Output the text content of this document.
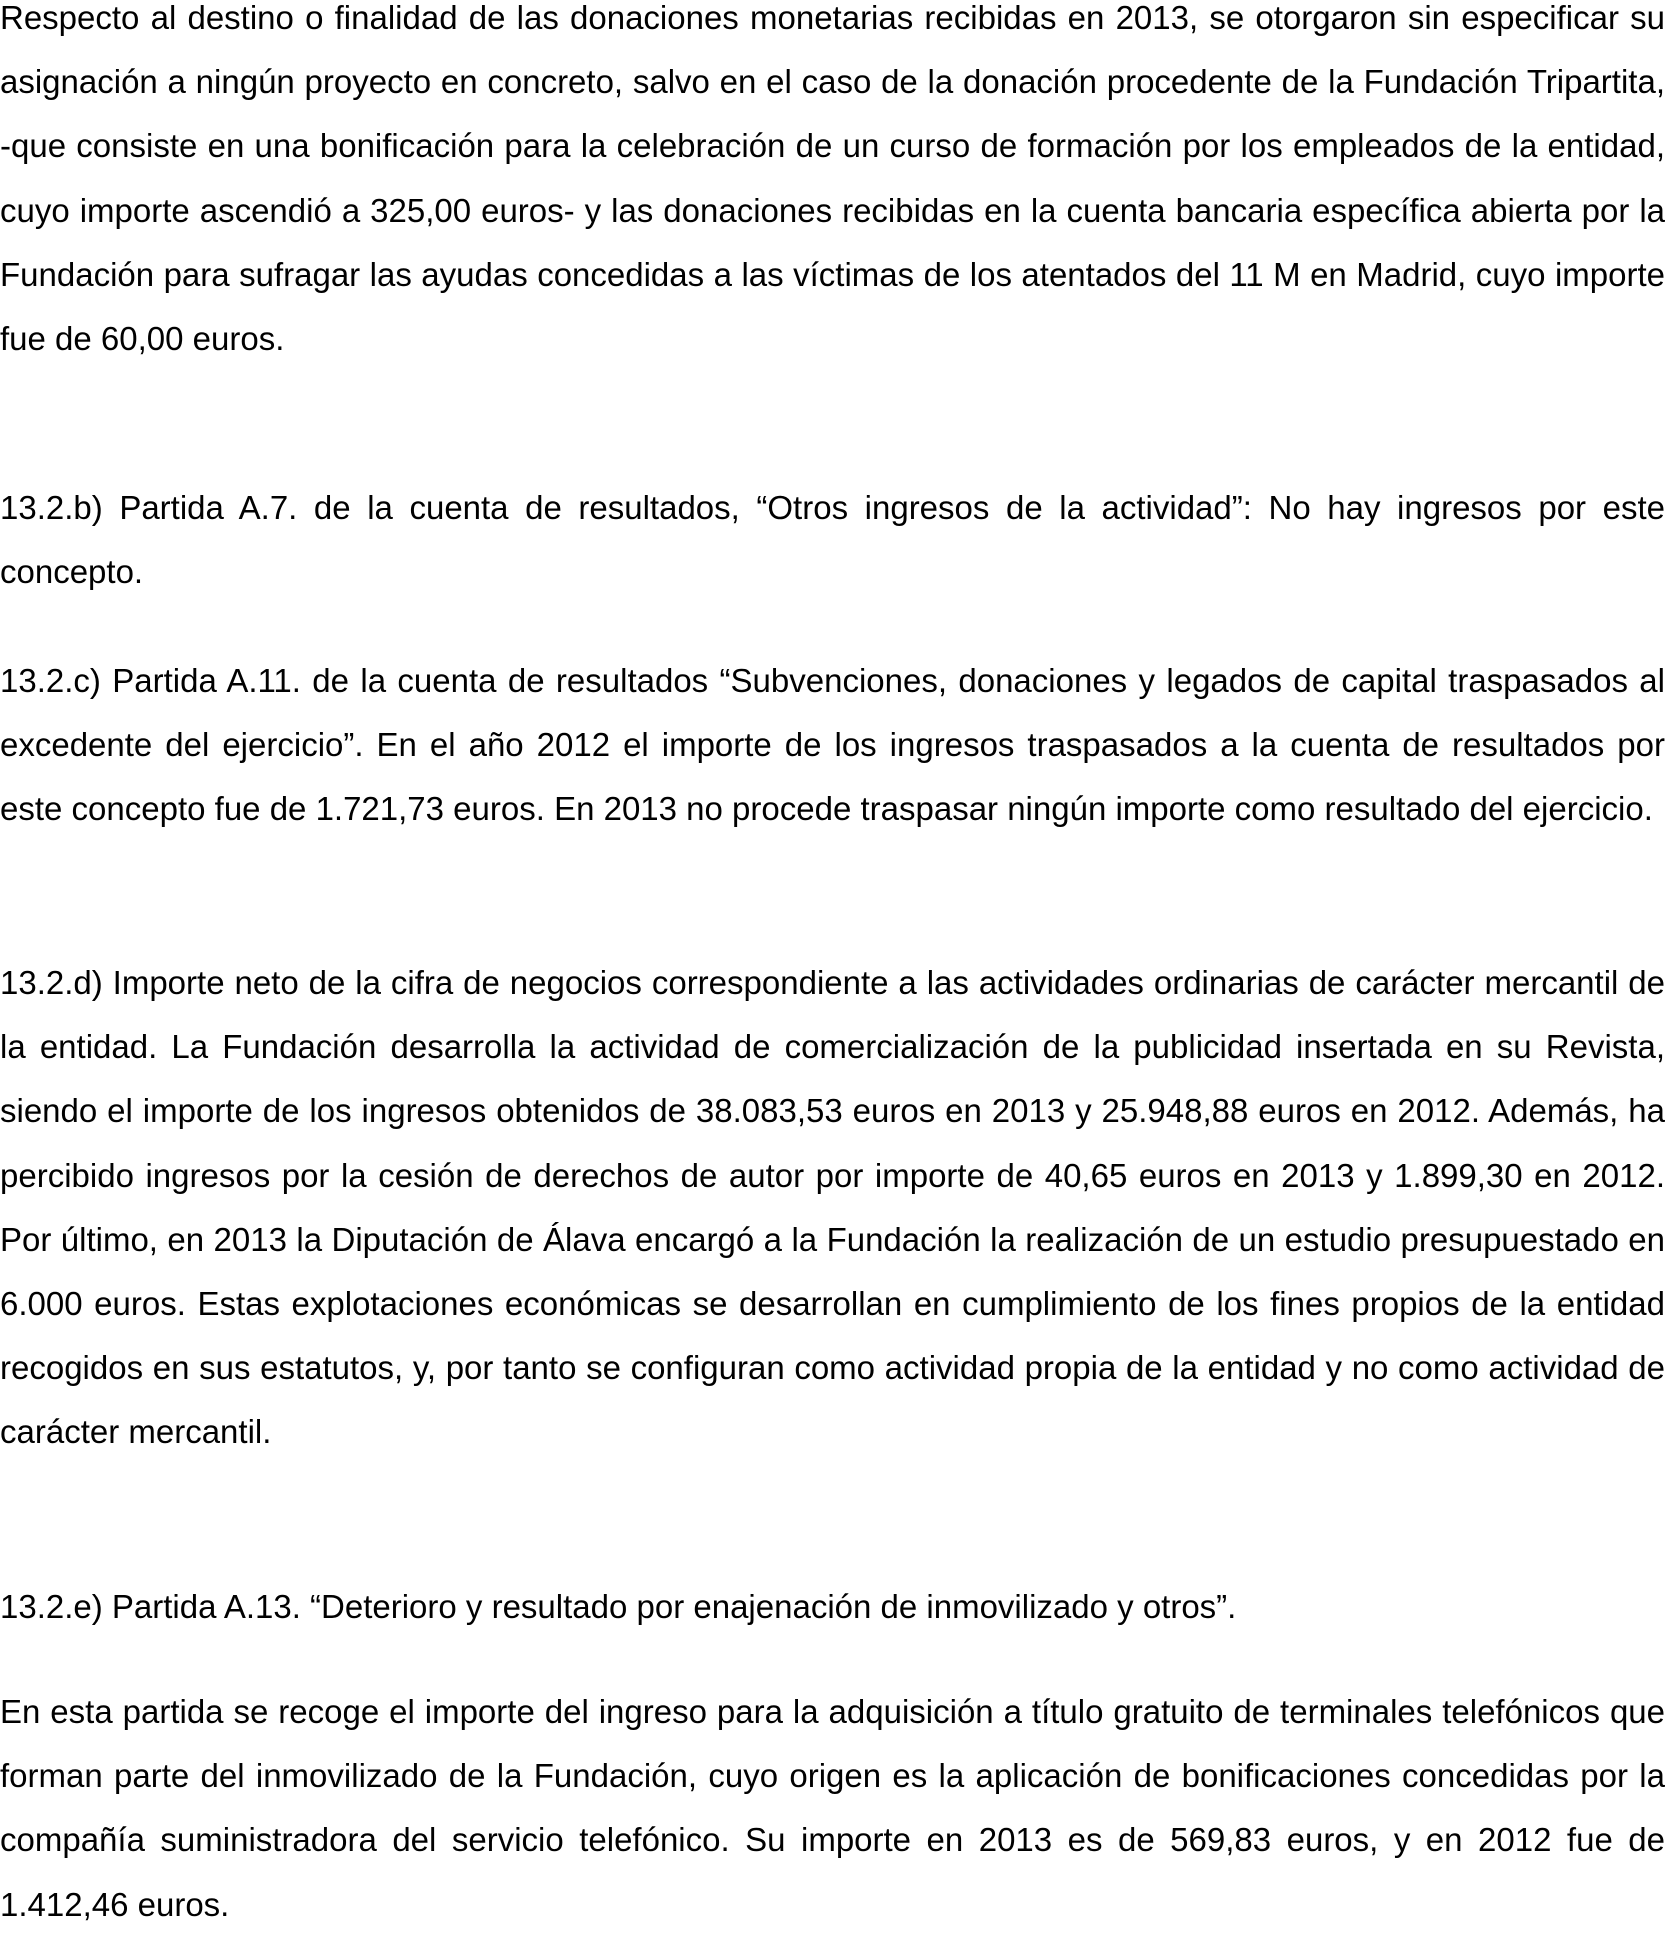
Respecto al destino o finalidad de las donaciones monetarias recibidas en 2013, se otorgaron sin especificar su asignación a ningún proyecto en concreto, salvo en el caso de la donación procedente de la Fundación Tripartita, -que consiste en una bonificación para la celebración de un curso de formación por los empleados de la entidad, cuyo importe ascendió a 325,00 euros- y las donaciones recibidas en la cuenta bancaria específica abierta por la Fundación para sufragar las ayudas concedidas a las víctimas de los atentados del 11 M en Madrid, cuyo importe fue de 60,00 euros.

13.2.b) Partida A.7. de la cuenta de resultados, “Otros ingresos de la actividad”: No hay ingresos por este concepto.

13.2.c) Partida A.11. de la cuenta de resultados “Subvenciones, donaciones y legados de capital traspasados al excedente del ejercicio”. En el año 2012 el importe de los ingresos traspasados a la cuenta de resultados por este concepto fue de 1.721,73 euros. En 2013 no procede traspasar ningún importe como resultado del ejercicio.

13.2.d) Importe neto de la cifra de negocios correspondiente a las actividades ordinarias de carácter mercantil de la entidad. La Fundación desarrolla la actividad de comercialización de la publicidad insertada en su Revista, siendo el importe de los ingresos obtenidos de 38.083,53 euros en 2013 y 25.948,88 euros en 2012. Además, ha percibido ingresos por la cesión de derechos de autor por importe de 40,65 euros en 2013 y 1.899,30 en 2012. Por último, en 2013 la Diputación de Álava encargó a la Fundación la realización de un estudio presupuestado en 6.000 euros. Estas explotaciones económicas se desarrollan en cumplimiento de los fines propios de la entidad recogidos en sus estatutos, y, por tanto se configuran como actividad propia de la entidad y no como actividad de carácter mercantil.

13.2.e) Partida A.13. “Deterioro y resultado por enajenación de inmovilizado y otros”.

En esta partida se recoge el importe del ingreso para la adquisición a título gratuito de terminales telefónicos que forman parte del inmovilizado de la Fundación, cuyo origen es la aplicación de bonificaciones concedidas por la compañía suministradora del servicio telefónico. Su importe en 2013 es de 569,83 euros, y en 2012 fue de 1.412,46 euros.
